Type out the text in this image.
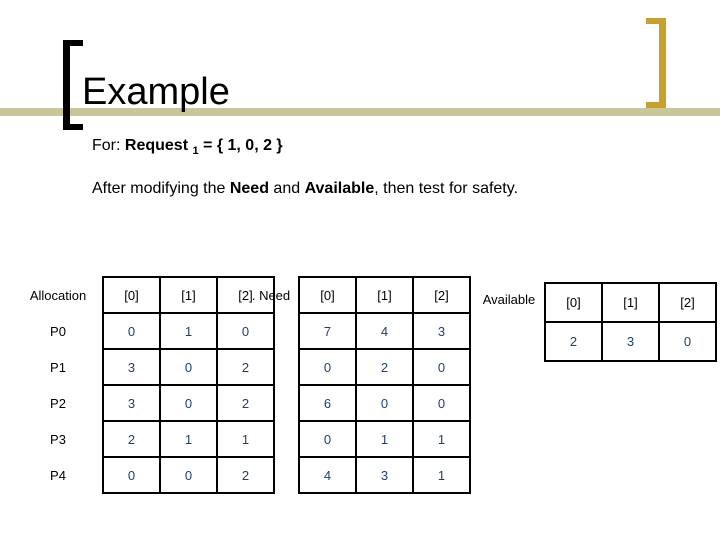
Example
For: Request $_1$ = { 1, 0, 2 }
After modifying the Need and Available, then test for safety.
Allocation	[0]	[1]	[2]
P0	0	1	0
P1	3	0	2
P2	3	0	2
P3	2	1	1
P4	0	0	2
. Need	[0]	[1]	[2]
	7	4	3
	0	2	0
	6	0	0
	0	1	1
	4	3	1
Available	[0]	[1]	[2]
	2	3	0
